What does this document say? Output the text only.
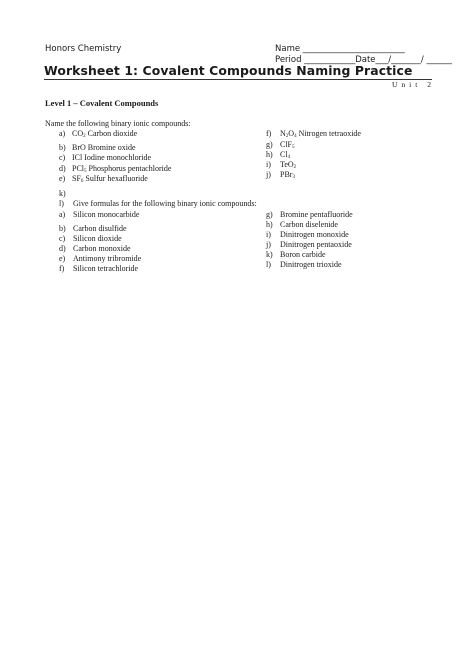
Honors Chemistry	Name ________________________
Period ____________Date___/_______/ ______
Worksheet 1: Covalent Compounds Naming Practice
Unit 2
Level 1 – Covalent Compounds
Name the following binary ionic compounds:
a) $CO_2$ Carbon dioxide
b) BrO Bromine oxide
c) ICl Iodine monochloride
d) PCl$_5$ Phosphorus pentachloride
e) $SF_6$ Sulfur hexafluoride
f) $N_2O_4$ Nitrogen tetraoxide
g) ClF$_5$
h) $Cl_4$
i) TeO$_2$
j) PBr$_3$
k)
l) Give formulas for the following binary ionic compounds:
a) Silicon monocarbide
b) Carbon disulfide
c) Silicon dioxide
d) Carbon monoxide
e) Antimony tribromide
f) Silicon tetrachloride
g) Bromine pentafluoride
h) Carbon diselenide
i) Dinitrogen monoxide
j) Dinitrogen pentaoxide
k) Boron carbide
l) Dinitrogen trioxide
